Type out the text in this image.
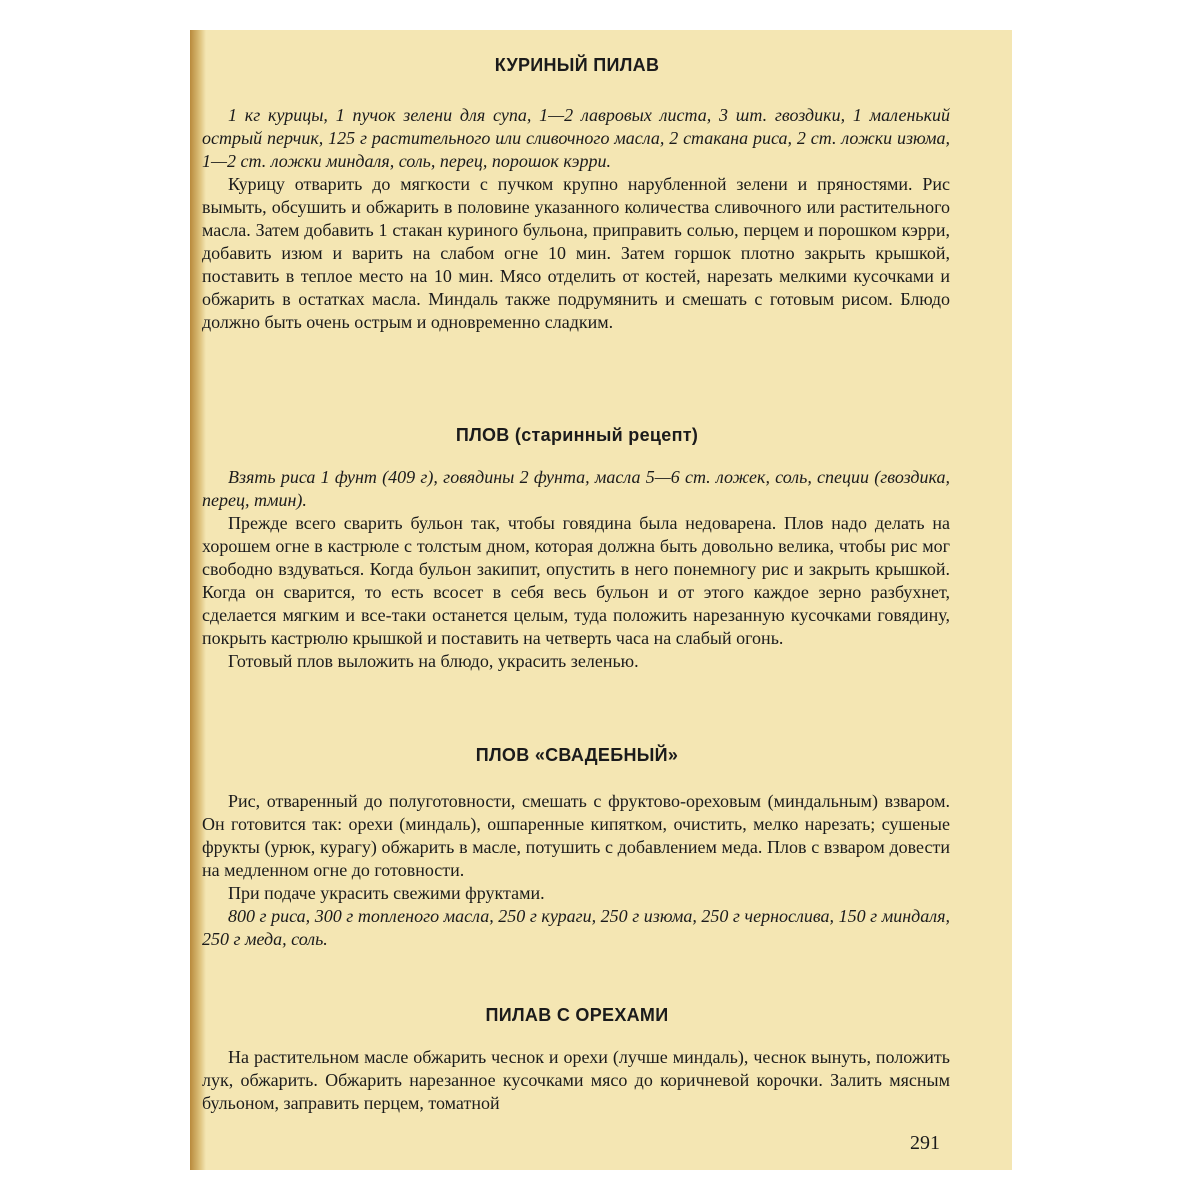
КУРИНЫЙ ПИЛАВ

1 кг курицы, 1 пучок зелени для супа, 1—2 лавровых листа, 3 шт. гвоздики, 1 маленький острый перчик, 125 г растительного или сливочного масла, 2 стакана риса, 2 ст. ложки изюма, 1—2 ст. ложки миндаля, соль, перец, порошок кэрри.

Курицу отварить до мягкости с пучком крупно нарубленной зелени и пряностями. Рис вымыть, обсушить и обжарить в половине указанного количества сливочного или растительного масла. Затем добавить 1 стакан куриного бульона, приправить солью, перцем и порошком кэрри, добавить изюм и варить на слабом огне 10 мин. Затем горшок плотно закрыть крышкой, поставить в теплое место на 10 мин. Мясо отделить от костей, нарезать мелкими кусочками и обжарить в остатках масла. Миндаль также подрумянить и смешать с готовым рисом. Блюдо должно быть очень острым и одновременно сладким.

ПЛОВ (старинный рецепт)

Взять риса 1 фунт (409 г), говядины 2 фунта, масла 5—6 ст. ложек, соль, специи (гвоздика, перец, тмин).

Прежде всего сварить бульон так, чтобы говядина была недоварена. Плов надо делать на хорошем огне в кастрюле с толстым дном, которая должна быть довольно велика, чтобы рис мог свободно вздуваться. Когда бульон закипит, опустить в него понемногу рис и закрыть крышкой. Когда он сварится, то есть всосет в себя весь бульон и от этого каждое зерно разбухнет, сделается мягким и все-таки останется целым, туда положить нарезанную кусочками говядину, покрыть кастрюлю крышкой и поставить на четверть часа на слабый огонь.

Готовый плов выложить на блюдо, украсить зеленью.

ПЛОВ «СВАДЕБНЫЙ»

Рис, отваренный до полуготовности, смешать с фруктово-ореховым (миндальным) взваром. Он готовится так: орехи (миндаль), ошпаренные кипятком, очистить, мелко нарезать; сушеные фрукты (урюк, курагу) обжарить в масле, потушить с добавлением меда. Плов с взваром довести на медленном огне до готовности.

При подаче украсить свежими фруктами.

800 г риса, 300 г топленого масла, 250 г кураги, 250 г изюма, 250 г чернослива, 150 г миндаля, 250 г меда, соль.

ПИЛАВ С ОРЕХАМИ

На растительном масле обжарить чеснок и орехи (лучше миндаль), чеснок вынуть, положить лук, обжарить. Обжарить нарезанное кусочками мясо до коричневой корочки. Залить мясным бульоном, заправить перцем, томатной

291
